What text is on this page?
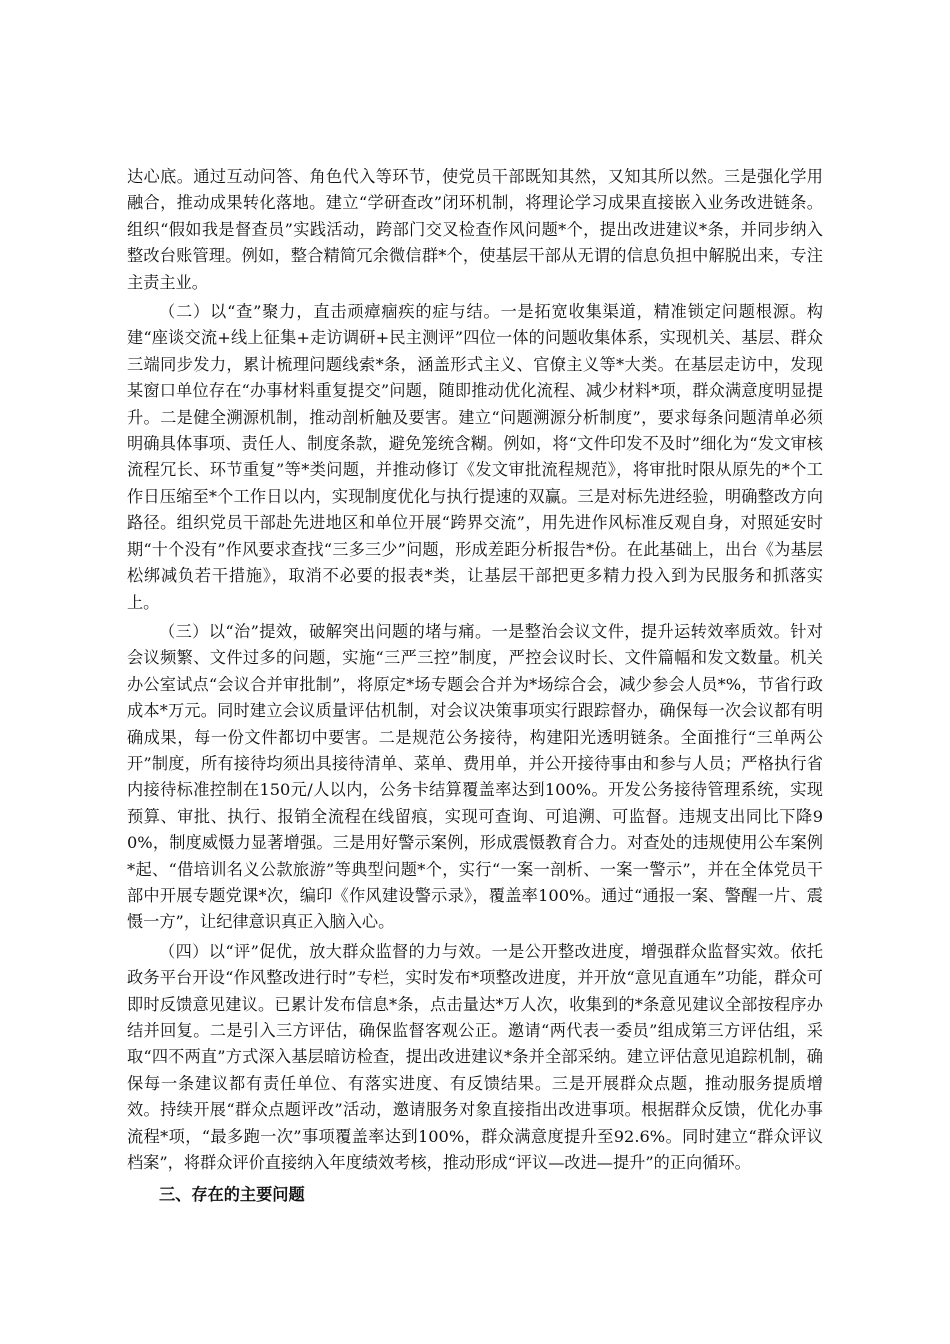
达心底。通过互动问答、角色代入等环节，使党员干部既知其然，又知其所以然。三是强化学用融合，推动成果转化落地。建立“学研查改”闭环机制，将理论学习成果直接嵌入业务改进链条。组织“假如我是督查员”实践活动，跨部门交叉检查作风问题*个，提出改进建议*条，并同步纳入整改台账管理。例如，整合精简冗余微信群*个，使基层干部从无谓的信息负担中解脱出来，专注主责主业。

（二）以“查”聚力，直击顽瘴痼疾的症与结。一是拓宽收集渠道，精准锁定问题根源。构建“座谈交流+线上征集+走访调研+民主测评”四位一体的问题收集体系，实现机关、基层、群众三端同步发力，累计梳理问题线索*条，涵盖形式主义、官僚主义等*大类。在基层走访中，发现某窗口单位存在“办事材料重复提交”问题，随即推动优化流程、减少材料*项，群众满意度明显提升。二是健全溯源机制，推动剖析触及要害。建立“问题溯源分析制度”，要求每条问题清单必须明确具体事项、责任人、制度条款，避免笼统含糊。例如，将“文件印发不及时”细化为“发文审核流程冗长、环节重复”等*类问题，并推动修订《发文审批流程规范》，将审批时限从原先的*个工作日压缩至*个工作日以内，实现制度优化与执行提速的双赢。三是对标先进经验，明确整改方向路径。组织党员干部赴先进地区和单位开展“跨界交流”，用先进作风标准反观自身，对照延安时期“十个没有”作风要求查找“三多三少”问题，形成差距分析报告*份。在此基础上，出台《为基层松绑减负若干措施》，取消不必要的报表*类，让基层干部把更多精力投入到为民服务和抓落实上。

（三）以“治”提效，破解突出问题的堵与痛。一是整治会议文件，提升运转效率质效。针对会议频繁、文件过多的问题，实施“三严三控”制度，严控会议时长、文件篇幅和发文数量。机关办公室试点“会议合并审批制”，将原定*场专题会合并为*场综合会，减少参会人员*%，节省行政成本*万元。同时建立会议质量评估机制，对会议决策事项实行跟踪督办，确保每一次会议都有明确成果，每一份文件都切中要害。二是规范公务接待，构建阳光透明链条。全面推行“三单两公开”制度，所有接待均须出具接待清单、菜单、费用单，并公开接待事由和参与人员；严格执行省内接待标准控制在150元/人以内，公务卡结算覆盖率达到100%。开发公务接待管理系统，实现预算、审批、执行、报销全流程在线留痕，实现可查询、可追溯、可监督。违规支出同比下降90%，制度威慑力显著增强。三是用好警示案例，形成震慑教育合力。对查处的违规使用公车案例*起、“借培训名义公款旅游”等典型问题*个，实行“一案一剖析、一案一警示”，并在全体党员干部中开展专题党课*次，编印《作风建设警示录》，覆盖率100%。通过“通报一案、警醒一片、震慑一方”，让纪律意识真正入脑入心。

（四）以“评”促优，放大群众监督的力与效。一是公开整改进度，增强群众监督实效。依托政务平台开设“作风整改进行时”专栏，实时发布*项整改进度，并开放“意见直通车”功能，群众可即时反馈意见建议。已累计发布信息*条，点击量达*万人次，收集到的*条意见建议全部按程序办结并回复。二是引入三方评估，确保监督客观公正。邀请“两代表一委员”组成第三方评估组，采取“四不两直”方式深入基层暗访检查，提出改进建议*条并全部采纳。建立评估意见追踪机制，确保每一条建议都有责任单位、有落实进度、有反馈结果。三是开展群众点题，推动服务提质增效。持续开展“群众点题评改”活动，邀请服务对象直接指出改进事项。根据群众反馈，优化办事流程*项，“最多跑一次”事项覆盖率达到100%，群众满意度提升至92.6%。同时建立“群众评议档案”，将群众评价直接纳入年度绩效考核，推动形成“评议—改进—提升”的正向循环。

三、存在的主要问题
